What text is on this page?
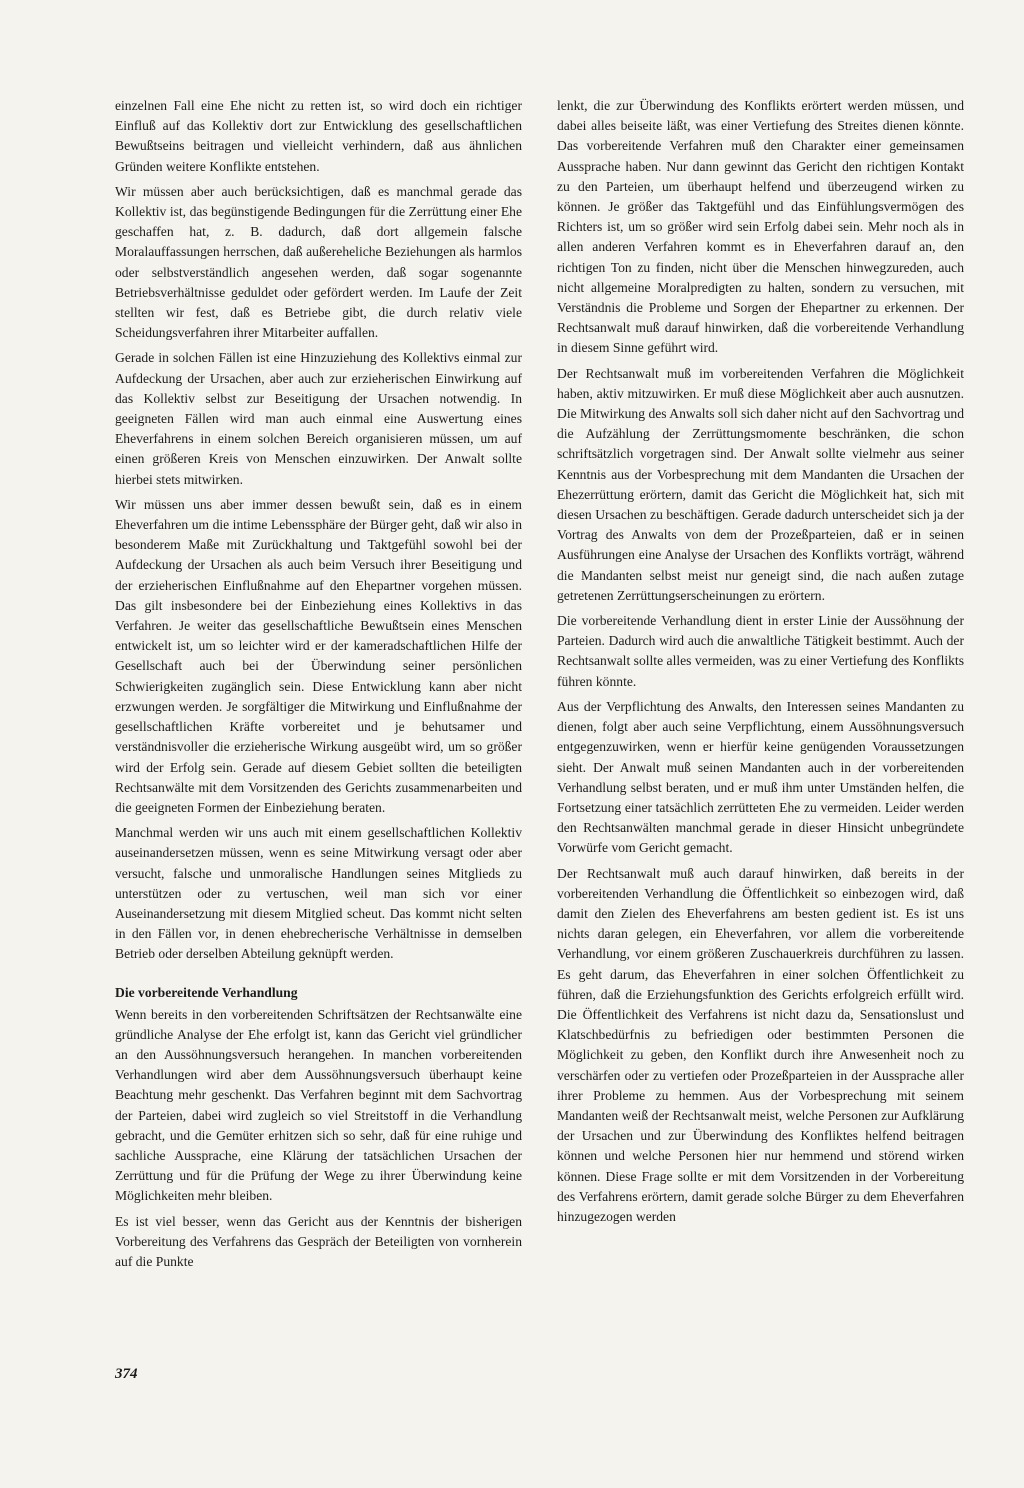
einzelnen Fall eine Ehe nicht zu retten ist, so wird doch ein richtiger Einfluß auf das Kollektiv dort zur Entwicklung des gesellschaftlichen Bewußtseins beitragen und vielleicht verhindern, daß aus ähnlichen Gründen weitere Konflikte entstehen.

Wir müssen aber auch berücksichtigen, daß es manchmal gerade das Kollektiv ist, das begünstigende Bedingungen für die Zerrüttung einer Ehe geschaffen hat, z. B. dadurch, daß dort allgemein falsche Moralauffassungen herrschen, daß außereheliche Beziehungen als harmlos oder selbstverständlich angesehen werden, daß sogar sogenannte Betriebsverhältnisse geduldet oder gefördert werden. Im Laufe der Zeit stellten wir fest, daß es Betriebe gibt, die durch relativ viele Scheidungsverfahren ihrer Mitarbeiter auffallen.

Gerade in solchen Fällen ist eine Hinzuziehung des Kollektivs einmal zur Aufdeckung der Ursachen, aber auch zur erzieherischen Einwirkung auf das Kollektiv selbst zur Beseitigung der Ursachen notwendig. In geeigneten Fällen wird man auch einmal eine Auswertung eines Eheverfahrens in einem solchen Bereich organisieren müssen, um auf einen größeren Kreis von Menschen einzuwirken. Der Anwalt sollte hierbei stets mitwirken.

Wir müssen uns aber immer dessen bewußt sein, daß es in einem Eheverfahren um die intime Lebenssphäre der Bürger geht, daß wir also in besonderem Maße mit Zurückhaltung und Taktgefühl sowohl bei der Aufdeckung der Ursachen als auch beim Versuch ihrer Beseitigung und der erzieherischen Einflußnahme auf den Ehepartner vorgehen müssen. Das gilt insbesondere bei der Einbeziehung eines Kollektivs in das Verfahren. Je weiter das gesellschaftliche Bewußtsein eines Menschen entwickelt ist, um so leichter wird er der kameradschaftlichen Hilfe der Gesellschaft auch bei der Überwindung seiner persönlichen Schwierigkeiten zugänglich sein. Diese Entwicklung kann aber nicht erzwungen werden. Je sorgfältiger die Mitwirkung und Einflußnahme der gesellschaftlichen Kräfte vorbereitet und je behutsamer und verständnisvoller die erzieherische Wirkung ausgeübt wird, um so größer wird der Erfolg sein. Gerade auf diesem Gebiet sollten die beteiligten Rechtsanwälte mit dem Vorsitzenden des Gerichts zusammenarbeiten und die geeigneten Formen der Einbeziehung beraten.

Manchmal werden wir uns auch mit einem gesellschaftlichen Kollektiv auseinandersetzen müssen, wenn es seine Mitwirkung versagt oder aber versucht, falsche und unmoralische Handlungen seines Mitglieds zu unterstützen oder zu vertuschen, weil man sich vor einer Auseinandersetzung mit diesem Mitglied scheut. Das kommt nicht selten in den Fällen vor, in denen ehebrecherische Verhältnisse in demselben Betrieb oder derselben Abteilung geknüpft werden.

Die vorbereitende Verhandlung

Wenn bereits in den vorbereitenden Schriftsätzen der Rechtsanwälte eine gründliche Analyse der Ehe erfolgt ist, kann das Gericht viel gründlicher an den Aussöhnungsversuch herangehen. In manchen vorbereitenden Verhandlungen wird aber dem Aussöhnungsversuch überhaupt keine Beachtung mehr geschenkt. Das Verfahren beginnt mit dem Sachvortrag der Parteien, dabei wird zugleich so viel Streitstoff in die Verhandlung gebracht, und die Gemüter erhitzen sich so sehr, daß für eine ruhige und sachliche Aussprache, eine Klärung der tatsächlichen Ursachen der Zerrüttung und für die Prüfung der Wege zu ihrer Überwindung keine Möglichkeiten mehr bleiben.

Es ist viel besser, wenn das Gericht aus der Kenntnis der bisherigen Vorbereitung des Verfahrens das Gespräch der Beteiligten von vornherein auf die Punkte

lenkt, die zur Überwindung des Konflikts erörtert werden müssen, und dabei alles beiseite läßt, was einer Vertiefung des Streites dienen könnte. Das vorbereitende Verfahren muß den Charakter einer gemeinsamen Aussprache haben. Nur dann gewinnt das Gericht den richtigen Kontakt zu den Parteien, um überhaupt helfend und überzeugend wirken zu können. Je größer das Taktgefühl und das Einfühlungsvermögen des Richters ist, um so größer wird sein Erfolg dabei sein. Mehr noch als in allen anderen Verfahren kommt es in Eheverfahren darauf an, den richtigen Ton zu finden, nicht über die Menschen hinwegzureden, auch nicht allgemeine Moralpredigten zu halten, sondern zu versuchen, mit Verständnis die Probleme und Sorgen der Ehepartner zu erkennen. Der Rechtsanwalt muß darauf hinwirken, daß die vorbereitende Verhandlung in diesem Sinne geführt wird.

Der Rechtsanwalt muß im vorbereitenden Verfahren die Möglichkeit haben, aktiv mitzuwirken. Er muß diese Möglichkeit aber auch ausnutzen. Die Mitwirkung des Anwalts soll sich daher nicht auf den Sachvortrag und die Aufzählung der Zerrüttungsmomente beschränken, die schon schriftsätzlich vorgetragen sind. Der Anwalt sollte vielmehr aus seiner Kenntnis aus der Vorbesprechung mit dem Mandanten die Ursachen der Ehezerrüttung erörtern, damit das Gericht die Möglichkeit hat, sich mit diesen Ursachen zu beschäftigen. Gerade dadurch unterscheidet sich ja der Vortrag des Anwalts von dem der Prozeßparteien, daß er in seinen Ausführungen eine Analyse der Ursachen des Konflikts vorträgt, während die Mandanten selbst meist nur geneigt sind, die nach außen zutage getretenen Zerrüttungserscheinungen zu erörtern.

Die vorbereitende Verhandlung dient in erster Linie der Aussöhnung der Parteien. Dadurch wird auch die anwaltliche Tätigkeit bestimmt. Auch der Rechtsanwalt sollte alles vermeiden, was zu einer Vertiefung des Konflikts führen könnte.

Aus der Verpflichtung des Anwalts, den Interessen seines Mandanten zu dienen, folgt aber auch seine Verpflichtung, einem Aussöhnungsversuch entgegenzuwirken, wenn er hierfür keine genügenden Voraussetzungen sieht. Der Anwalt muß seinen Mandanten auch in der vorbereitenden Verhandlung selbst beraten, und er muß ihm unter Umständen helfen, die Fortsetzung einer tatsächlich zerrütteten Ehe zu vermeiden. Leider werden den Rechtsanwälten manchmal gerade in dieser Hinsicht unbegründete Vorwürfe vom Gericht gemacht.

Der Rechtsanwalt muß auch darauf hinwirken, daß bereits in der vorbereitenden Verhandlung die Öffentlichkeit so einbezogen wird, daß damit den Zielen des Eheverfahrens am besten gedient ist. Es ist uns nichts daran gelegen, ein Eheverfahren, vor allem die vorbereitende Verhandlung, vor einem größeren Zuschauerkreis durchführen zu lassen. Es geht darum, das Eheverfahren in einer solchen Öffentlichkeit zu führen, daß die Erziehungsfunktion des Gerichts erfolgreich erfüllt wird. Die Öffentlichkeit des Verfahrens ist nicht dazu da, Sensationslust und Klatschbedürfnis zu befriedigen oder bestimmten Personen die Möglichkeit zu geben, den Konflikt durch ihre Anwesenheit noch zu verschärfen oder zu vertiefen oder Prozeßparteien in der Aussprache aller ihrer Probleme zu hemmen. Aus der Vorbesprechung mit seinem Mandanten weiß der Rechtsanwalt meist, welche Personen zur Aufklärung der Ursachen und zur Überwindung des Konfliktes helfend beitragen können und welche Personen hier nur hemmend und störend wirken können. Diese Frage sollte er mit dem Vorsitzenden in der Vorbereitung des Verfahrens erörtern, damit gerade solche Bürger zu dem Eheverfahren hinzugezogen werden

374
